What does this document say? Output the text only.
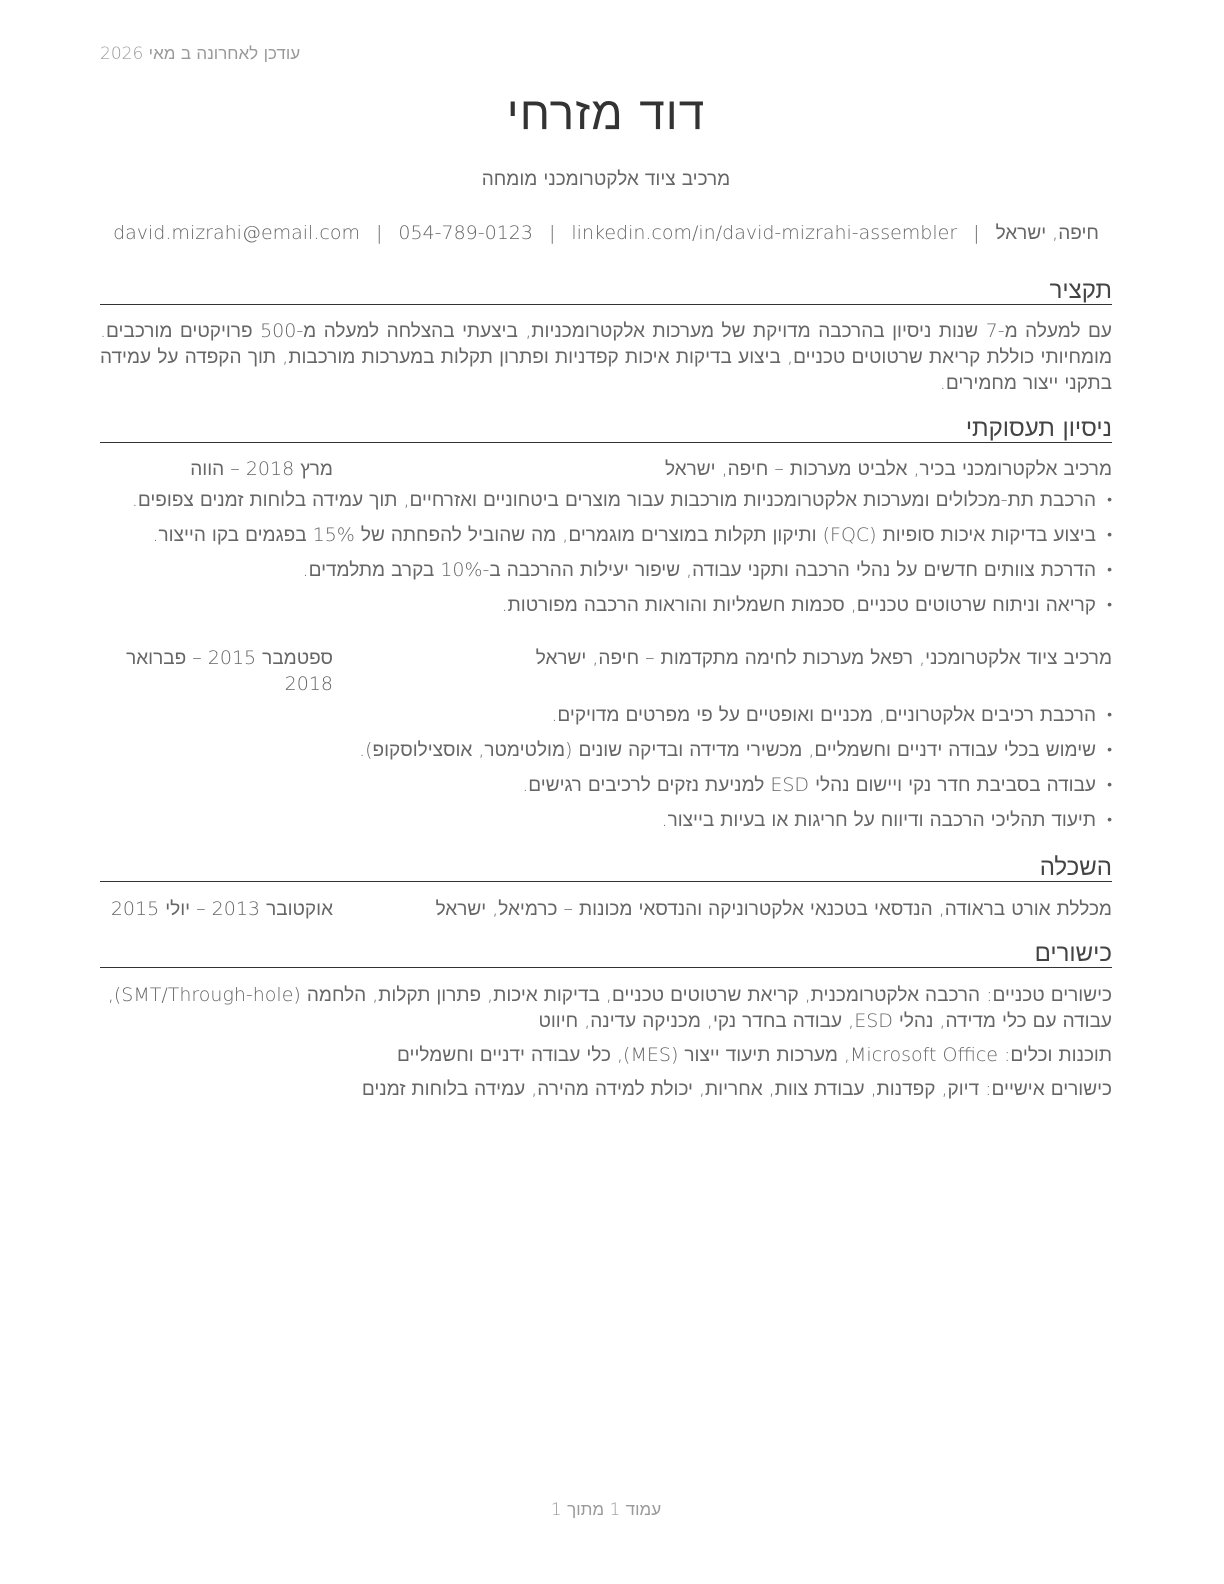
עודכן לאחרונה ב מאי 2026
דוד מזרחי
מרכיב ציוד אלקטרומכני מומחה
חיפה, ישראל|david.mizrahi@email.com | 054-789-0123 | linkedin.com/in/david-mizrahi-assembler
תקציר
עם למעלה מ-7 שנות ניסיון בהרכבה מדויקת של מערכות אלקטרומכניות, ביצעתי בהצלחה למעלה מ-500 פרויקטים מורכבים. מומחיותי כוללת קריאת שרטוטים טכניים, ביצוע בדיקות איכות קפדניות ופתרון תקלות במערכות מורכבות, תוך הקפדה על עמידה בתקני ייצור מחמירים.
ניסיון תעסוקתי
מרכיב אלקטרומכני בכיר, אלביט מערכות – חיפה, ישראל
מרץ 2018 – הווה
• הרכבת תת-מכלולים ומערכות אלקטרומכניות מורכבות עבור מוצרים ביטחוניים ואזרחיים, תוך עמידה בלוחות זמנים צפופים.
• ביצוע בדיקות איכות סופיות (FQC) ותיקון תקלות במוצרים מוגמרים, מה שהוביל להפחתה של 15% בפגמים בקו הייצור.
• הדרכת צוותים חדשים על נהלי הרכבה ותקני עבודה, שיפור יעילות ההרכבה ב-10% בקרב מתלמדים.
• קריאה וניתוח שרטוטים טכניים, סכמות חשמליות והוראות הרכבה מפורטות.
מרכיב ציוד אלקטרומכני, רפאל מערכות לחימה מתקדמות – חיפה, ישראל
ספטמבר 2015 – פברואר 2018
• הרכבת רכיבים אלקטרוניים, מכניים ואופטיים על פי מפרטים מדויקים.
• שימוש בכלי עבודה ידניים וחשמליים, מכשירי מדידה ובדיקה שונים (מולטימטר, אוסצילוסקופ).
• עבודה בסביבת חדר נקי ויישום נהלי ESD למניעת נזקים לרכיבים רגישים.
• תיעוד תהליכי הרכבה ודיווח על חריגות או בעיות בייצור.
השכלה
מכללת אורט בראודה, הנדסאי בטכנאי אלקטרוניקה והנדסאי מכונות – כרמיאל, ישראל
אוקטובר 2013 – יולי 2015
כישורים

כישורים טכניים: הרכבה אלקטרומכנית, קריאת שרטוטים טכניים, בדיקות איכות, פתרון תקלות, הלחמה (SMT/Through-hole), עבודה עם כלי מדידה, נהלי ESD, עבודה בחדר נקי, מכניקה עדינה, חיווט

תוכנות וכלים: Microsoft Office, מערכות תיעוד ייצור (MES), כלי עבודה ידניים וחשמליים

כישורים אישיים: דיוק, קפדנות, עבודת צוות, אחריות, יכולת למידה מהירה, עמידה בלוחות זמנים

עמוד 1 מתוך 1
